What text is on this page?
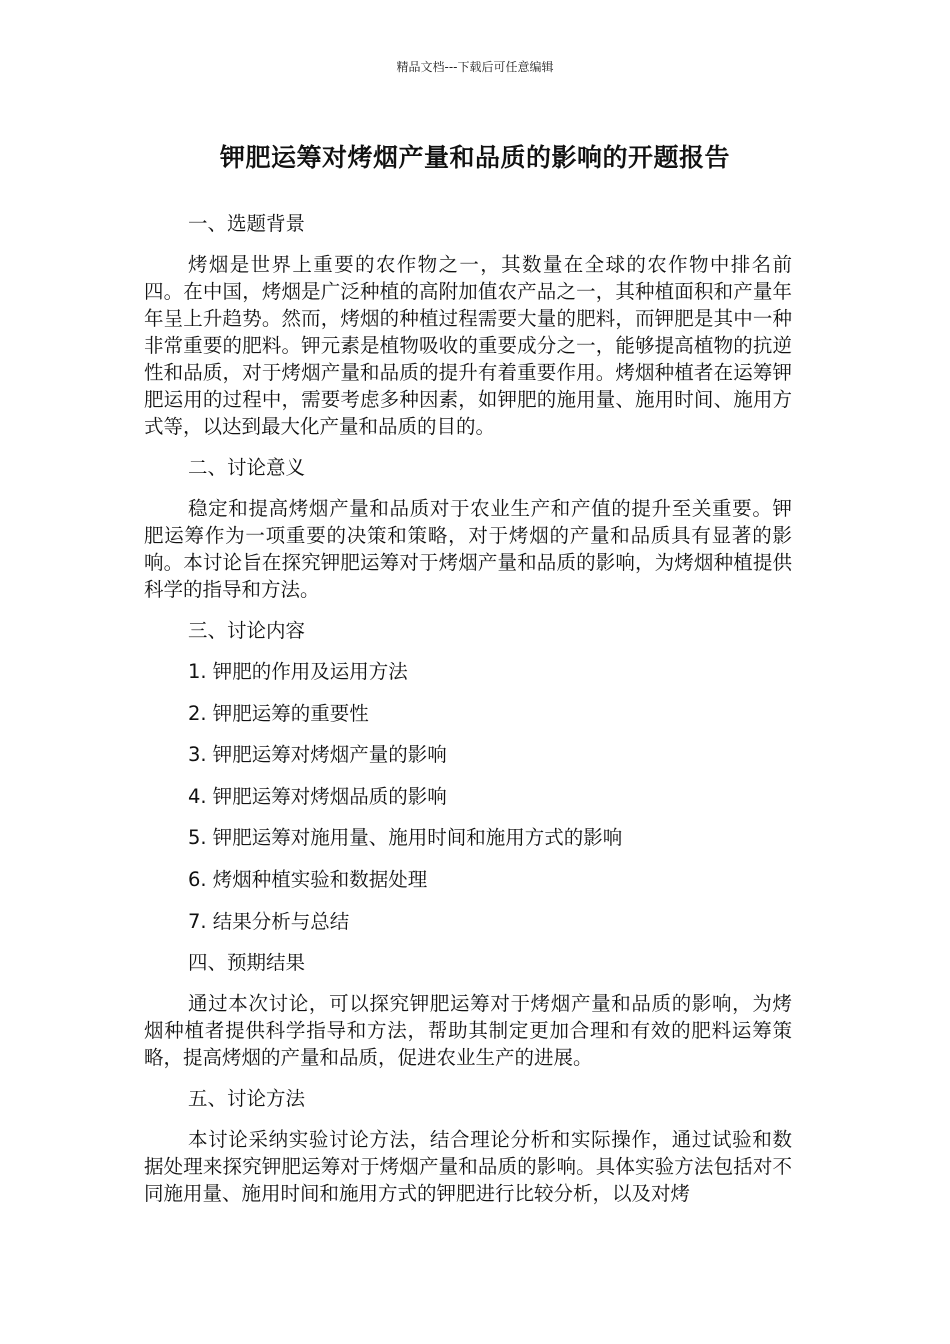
精品文档---下载后可任意编辑
钾肥运筹对烤烟产量和品质的影响的开题报告
一、选题背景
烤烟是世界上重要的农作物之一，其数量在全球的农作物中排名前四。在中国，烤烟是广泛种植的高附加值农产品之一，其种植面积和产量年年呈上升趋势。然而，烤烟的种植过程需要大量的肥料，而钾肥是其中一种非常重要的肥料。钾元素是植物吸收的重要成分之一，能够提高植物的抗逆性和品质，对于烤烟产量和品质的提升有着重要作用。烤烟种植者在运筹钾肥运用的过程中，需要考虑多种因素，如钾肥的施用量、施用时间、施用方式等，以达到最大化产量和品质的目的。
二、讨论意义
稳定和提高烤烟产量和品质对于农业生产和产值的提升至关重要。钾肥运筹作为一项重要的决策和策略，对于烤烟的产量和品质具有显著的影响。本讨论旨在探究钾肥运筹对于烤烟产量和品质的影响，为烤烟种植提供科学的指导和方法。
三、讨论内容
1. 钾肥的作用及运用方法
2. 钾肥运筹的重要性
3. 钾肥运筹对烤烟产量的影响
4. 钾肥运筹对烤烟品质的影响
5. 钾肥运筹对施用量、施用时间和施用方式的影响
6. 烤烟种植实验和数据处理
7. 结果分析与总结
四、预期结果
通过本次讨论，可以探究钾肥运筹对于烤烟产量和品质的影响，为烤烟种植者提供科学指导和方法，帮助其制定更加合理和有效的肥料运筹策略，提高烤烟的产量和品质，促进农业生产的进展。
五、讨论方法
本讨论采纳实验讨论方法，结合理论分析和实际操作，通过试验和数据处理来探究钾肥运筹对于烤烟产量和品质的影响。具体实验方法包括对不同施用量、施用时间和施用方式的钾肥进行比较分析，以及对烤
